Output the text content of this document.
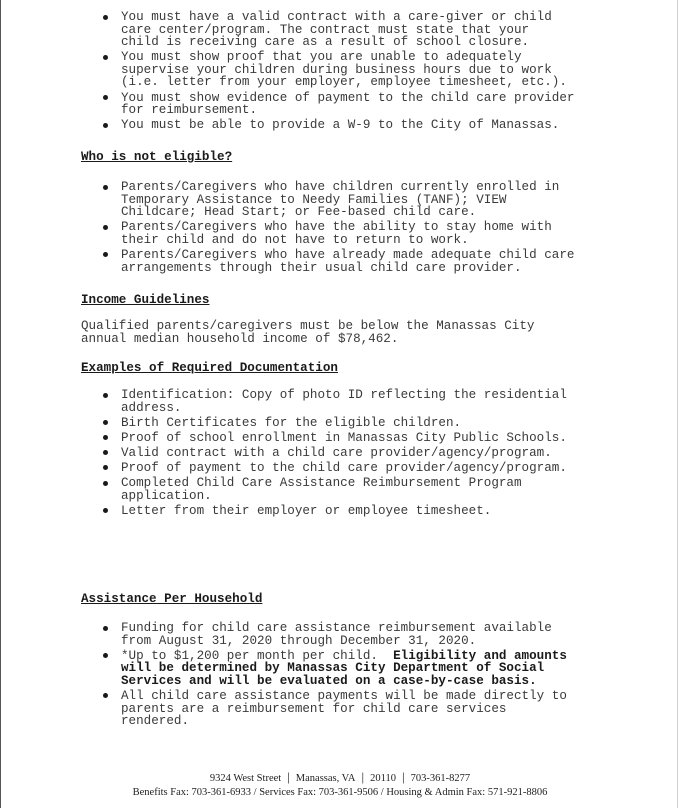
You must have a valid contract with a care-giver or child
care center/program. The contract must state that your
child is receiving care as a result of school closure.
You must show proof that you are unable to adequately
supervise your children during business hours due to work
(i.e. letter from your employer, employee timesheet, etc.).
You must show evidence of payment to the child care provider
for reimbursement.
You must be able to provide a W-9 to the City of Manassas.
Who is not eligible?
Parents/Caregivers who have children currently enrolled in
Temporary Assistance to Needy Families (TANF); VIEW
Childcare; Head Start; or Fee-based child care.
Parents/Caregivers who have the ability to stay home with
their child and do not have to return to work.
Parents/Caregivers who have already made adequate child care
arrangements through their usual child care provider.
Income Guidelines
Qualified parents/caregivers must be below the Manassas City
annual median household income of $78,462.
Examples of Required Documentation
Identification: Copy of photo ID reflecting the residential
address.
Birth Certificates for the eligible children.
Proof of school enrollment in Manassas City Public Schools.
Valid contract with a child care provider/agency/program.
Proof of payment to the child care provider/agency/program.
Completed Child Care Assistance Reimbursement Program
application.
Letter from their employer or employee timesheet.
Assistance Per Household
Funding for child care assistance reimbursement available
from August 31, 2020 through December 31, 2020.
*Up to $1,200 per month per child.  Eligibility and amounts
will be determined by Manassas City Department of Social
Services and will be evaluated on a case-by-case basis.
All child care assistance payments will be made directly to
parents are a reimbursement for child care services
rendered.
9324 West Street | Manassas, VA | 20110 | 703-361-8277
Benefits Fax: 703-361-6933 / Services Fax: 703-361-9506 / Housing & Admin Fax: 571-921-8806
